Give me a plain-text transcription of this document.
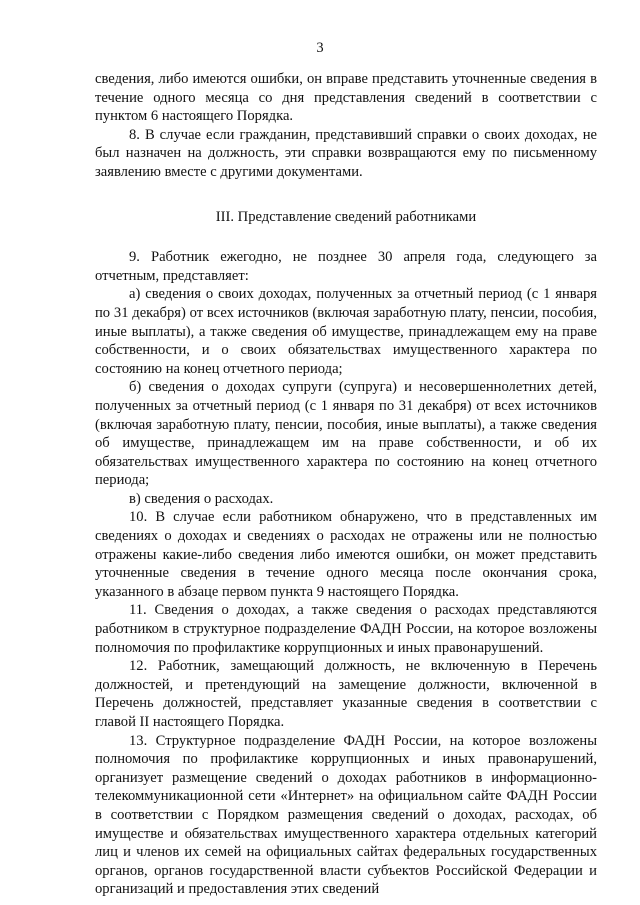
3

сведения, либо имеются ошибки, он вправе представить уточненные сведения в течение одного месяца со дня представления сведений в соответствии с пунктом 6 настоящего Порядка.

8. В случае если гражданин, представивший справки о своих доходах, не был назначен на должность, эти справки возвращаются ему по письменному заявлению вместе с другими документами.

III. Представление сведений работниками

9. Работник ежегодно, не позднее 30 апреля года, следующего за отчетным, представляет:

а) сведения о своих доходах, полученных за отчетный период (с 1 января по 31 декабря) от всех источников (включая заработную плату, пенсии, пособия, иные выплаты), а также сведения об имуществе, принадлежащем ему на праве собственности, и о своих обязательствах имущественного характера по состоянию на конец отчетного периода;

б) сведения о доходах супруги (супруга) и несовершеннолетних детей, полученных за отчетный период (с 1 января по 31 декабря) от всех источников (включая заработную плату, пенсии, пособия, иные выплаты), а также сведения об имуществе, принадлежащем им на праве собственности, и об их обязательствах имущественного характера по состоянию на конец отчетного периода;

в) сведения о расходах.

10. В случае если работником обнаружено, что в представленных им сведениях о доходах и сведениях о расходах не отражены или не полностью отражены какие-либо сведения либо имеются ошибки, он может представить уточненные сведения в течение одного месяца после окончания срока, указанного в абзаце первом пункта 9 настоящего Порядка.

11. Сведения о доходах, а также сведения о расходах представляются работником в структурное подразделение ФАДН России, на которое возложены полномочия по профилактике коррупционных и иных правонарушений.

12. Работник, замещающий должность, не включенную в Перечень должностей, и претендующий на замещение должности, включенной в Перечень должностей, представляет указанные сведения в соответствии с главой II настоящего Порядка.

13. Структурное подразделение ФАДН России, на которое возложены полномочия по профилактике коррупционных и иных правонарушений, организует размещение сведений о доходах работников в информационно-телекоммуникационной сети «Интернет» на официальном сайте ФАДН России в соответствии с Порядком размещения сведений о доходах, расходах, об имуществе и обязательствах имущественного характера отдельных категорий лиц и членов их семей на официальных сайтах федеральных государственных органов, органов государственной власти субъектов Российской Федерации и организаций и предоставления этих сведений
